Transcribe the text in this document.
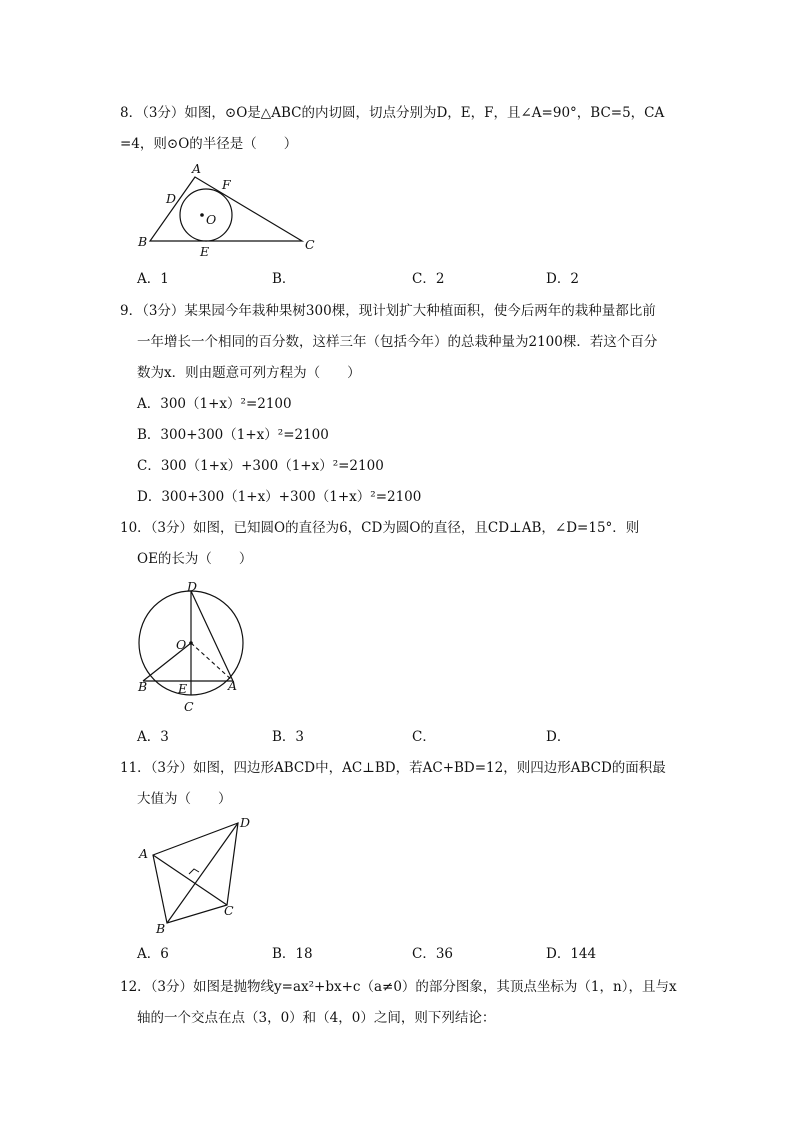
8．（3分）如图，⊙O是△ABC的内切圆，切点分别为D，E，F，且∠A=90°，BC=5，CA
=4，则⊙O的半径是（　　）
A
B	C
D
E
F
O
A．1	B．	C．2	D．2
9．（3分）某果园今年栽种果树300棵，现计划扩大种植面积，使今后两年的栽种量都比前
一年增长一个相同的百分数，这样三年（包括今年）的总栽种量为2100棵．若这个百分
数为x．则由题意可列方程为（　　）
A．300（1+x）²=2100
B．300+300（1+x）²=2100
C．300（1+x）+300（1+x）²=2100
D．300+300（1+x）+300（1+x）²=2100
10．（3分）如图，已知圆O的直径为6，CD为圆O的直径，且CD⊥AB，∠D=15°．则
OE的长为（　　）
D
O
B E	A
C
A．3	B．3	C．	D．
11．（3分）如图，四边形ABCD中，AC⊥BD，若AC+BD=12，则四边形ABCD的面积最
大值为（　　）
A
D
C
B
A．6	B．18	C．36	D．144
12．（3分）如图是抛物线y=ax²+bx+c（a≠0）的部分图象，其顶点坐标为（1，n），且与x
轴的一个交点在点（3，0）和（4，0）之间，则下列结论：
